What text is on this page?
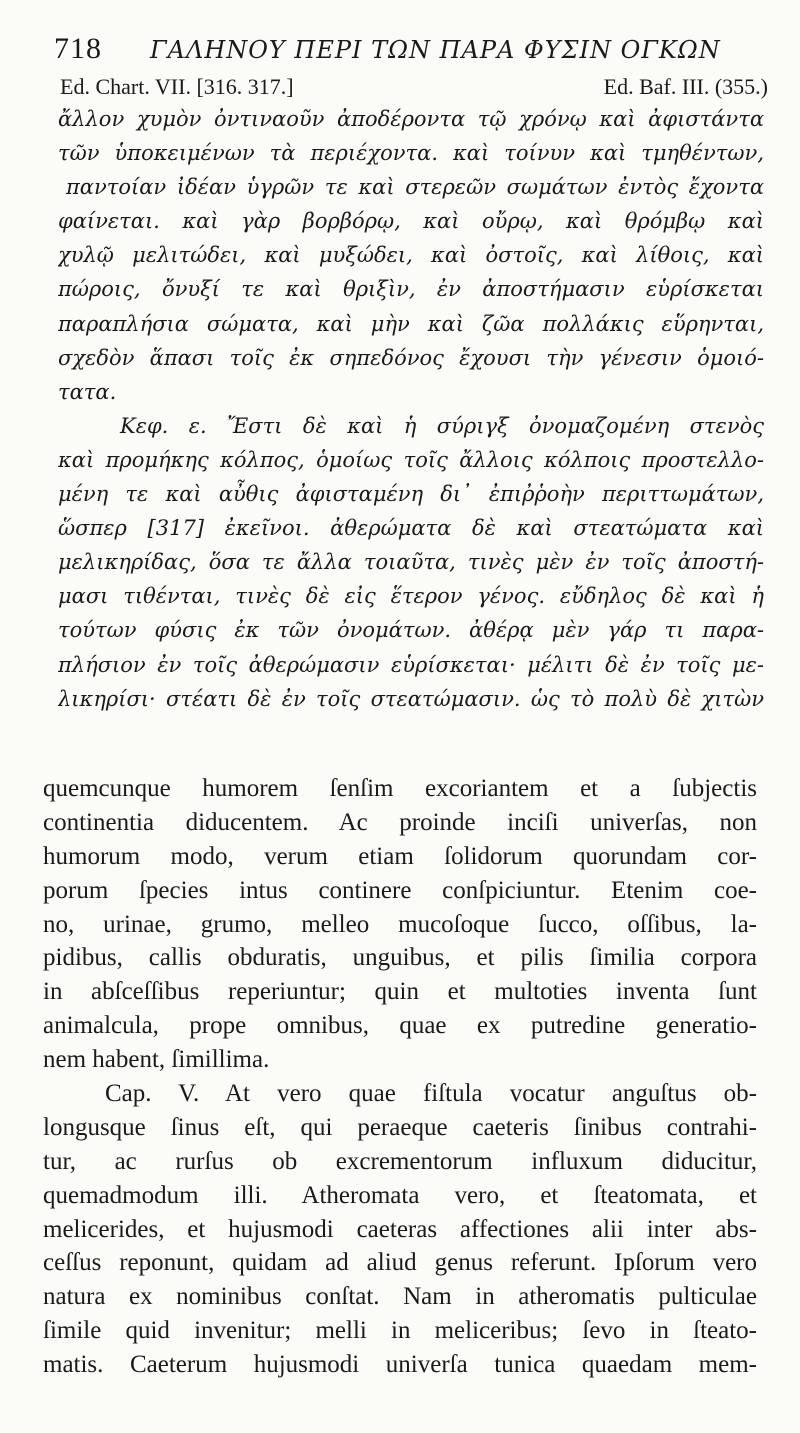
718 ΓΑΛΗΝΟΥ ΠΕΡΙ ΤΩΝ ΠΑΡΑ ΦΥΣΙΝ ΟΓΚΩΝ
Ed. Chart. VII. [316. 317.]	Ed. Baf. III. (355.)
ἄλλον χυμὸν ὀντιναοῦν ἀποδέροντα τῷ χρόνῳ καὶ ἀφιστάντα
τῶν ὑποκειμένων τὰ περιέχοντα. καὶ τοίνυν καὶ τμηθέντων,
παντοίαν ἰδέαν ὑγρῶν τε καὶ στερεῶν σωμάτων ἐντὸς ἔχοντα
φαίνεται. καὶ γὰρ βορβόρῳ, καὶ οὔρῳ, καὶ θρόμβῳ καὶ
χυλῷ μελιτώδει, καὶ μυξώδει, καὶ ὀστοῖς, καὶ λίθοις, καὶ
πώροις, ὄνυξί τε καὶ θριξὶν, ἐν ἀποστήμασιν εὑρίσκεται
παραπλήσια σώματα, καὶ μὴν καὶ ζῶα πολλάκις εὕρηνται,
σχεδὸν ἅπασι τοῖς ἐκ σηπεδόνος ἔχουσι τὴν γένεσιν ὁμοιό-
τατα.
Κεφ. ε. Ἔστι δὲ καὶ ἡ σύριγξ ὀνομαζομένη στενὸς
καὶ προμήκης κόλπος, ὁμοίως τοῖς ἄλλοις κόλποις προστελλο-
μένη τε καὶ αὖθις ἀφισταμένη δι᾽ ἐπιῤῥοὴν περιττωμάτων,
ὥσπερ [317] ἐκεῖνοι. ἀθερώματα δὲ καὶ στεατώματα καὶ
μελικηρίδας, ὅσα τε ἄλλα τοιαῦτα, τινὲς μὲν ἐν τοῖς ἀποστή-
μασι τιθένται, τινὲς δὲ εἰς ἕτερον γένος. εὔδηλος δὲ καὶ ἡ
τούτων φύσις ἐκ τῶν ὀνομάτων. ἀθέρᾳ μὲν γάρ τι παρα-
πλήσιον ἐν τοῖς ἀθερώμασιν εὑρίσκεται· μέλιτι δὲ ἐν τοῖς με-
λικηρίσι· στέατι δὲ ἐν τοῖς στεατώμασιν. ὡς τὸ πολὺ δὲ χιτὼν
quemcunque humorem ſenſim excoriantem et a ſubjectis
continentia diducentem. Ac proinde inciſi univerſas, non
humorum modo, verum etiam ſolidorum quorundam cor-
porum ſpecies intus continere conſpiciuntur. Etenim coe-
no, urinae, grumo, melleo mucoſoque ſucco, oſſibus, la-
pidibus, callis obduratis, unguibus, et pilis ſimilia corpora
in abſceſſibus reperiuntur; quin et multoties inventa ſunt
animalcula, prope omnibus, quae ex putredine generatio-
nem habent, ſimillima.
Cap. V. At vero quae fiſtula vocatur anguſtus ob-
longusque ſinus eſt, qui peraeque caeteris ſinibus contrahi-
tur, ac rurſus ob excrementorum influxum diducitur,
quemadmodum illi. Atheromata vero, et ſteatomata, et
melicerides, et hujusmodi caeteras affectiones alii inter abs-
ceſſus reponunt, quidam ad aliud genus referunt. Ipſorum vero
natura ex nominibus conſtat. Nam in atheromatis pulticulae
ſimile quid invenitur; melli in meliceribus; ſevo in ſteato-
matis. Caeterum hujusmodi univerſa tunica quaedam mem-
